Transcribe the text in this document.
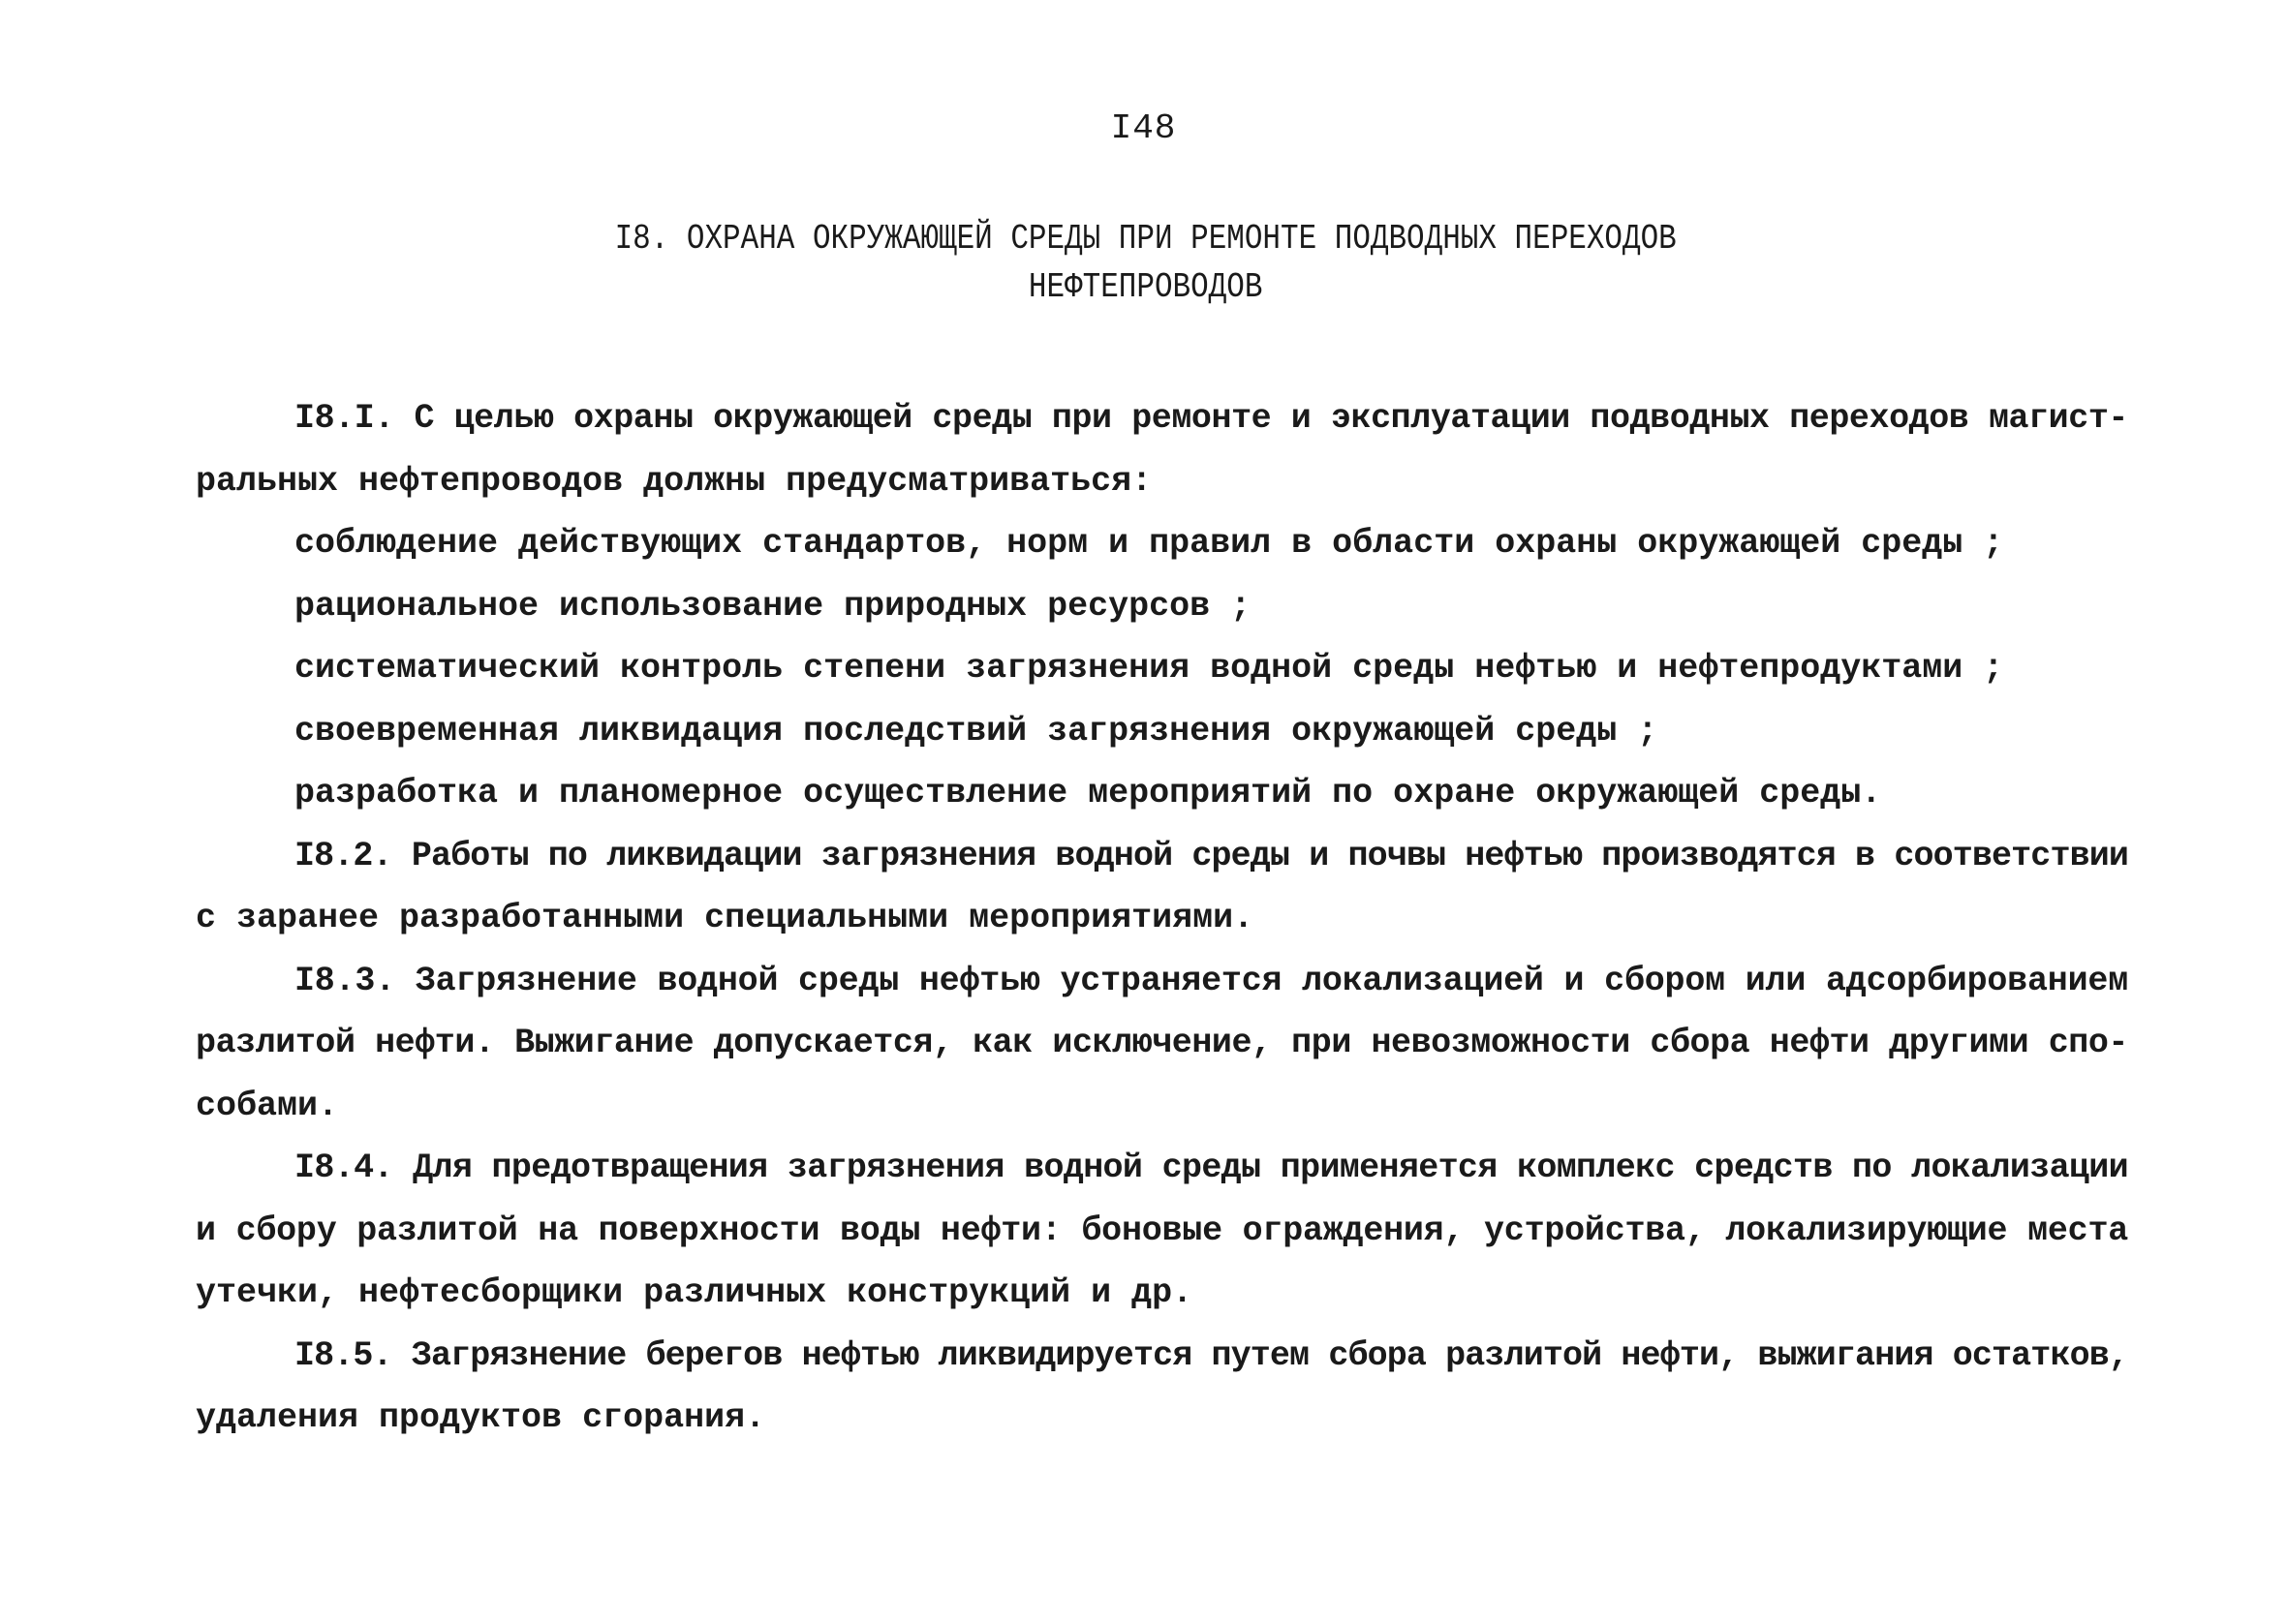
I48
I8. ОХРАНА ОКРУЖАЮЩЕЙ СРЕДЫ ПРИ РЕМОНТЕ ПОДВОДНЫХ ПЕРЕХОДОВ
НЕФТЕПРОВОДОВ
I8.I. С целью охраны окружающей среды при ремонте и эксплуатации подводных переходов магист-
ральных нефтепроводов должны предусматриваться:
соблюдение действующих стандартов, норм и правил в области охраны окружающей среды ;
рациональное использование природных ресурсов ;
систематический контроль степени загрязнения водной среды нефтью и нефтепродуктами ;
своевременная ликвидация последствий загрязнения окружающей среды ;
разработка и планомерное осуществление мероприятий по охране окружающей среды.
I8.2. Работы по ликвидации загрязнения водной среды и почвы нефтью производятся в соответствии
с заранее разработанными специальными мероприятиями.
I8.3. Загрязнение водной среды нефтью устраняется локализацией и сбором или адсорбированием
разлитой нефти. Выжигание допускается, как исключение, при невозможности сбора нефти другими спо-
собами.
I8.4. Для предотвращения загрязнения водной среды применяется комплекс средств по локализации
и сбору разлитой на поверхности воды нефти: боновые ограждения, устройства, локализирующие места
утечки, нефтесборщики различных конструкций и др.
I8.5. Загрязнение берегов нефтью ликвидируется путем сбора разлитой нефти, выжигания остатков,
удаления продуктов сгорания.
